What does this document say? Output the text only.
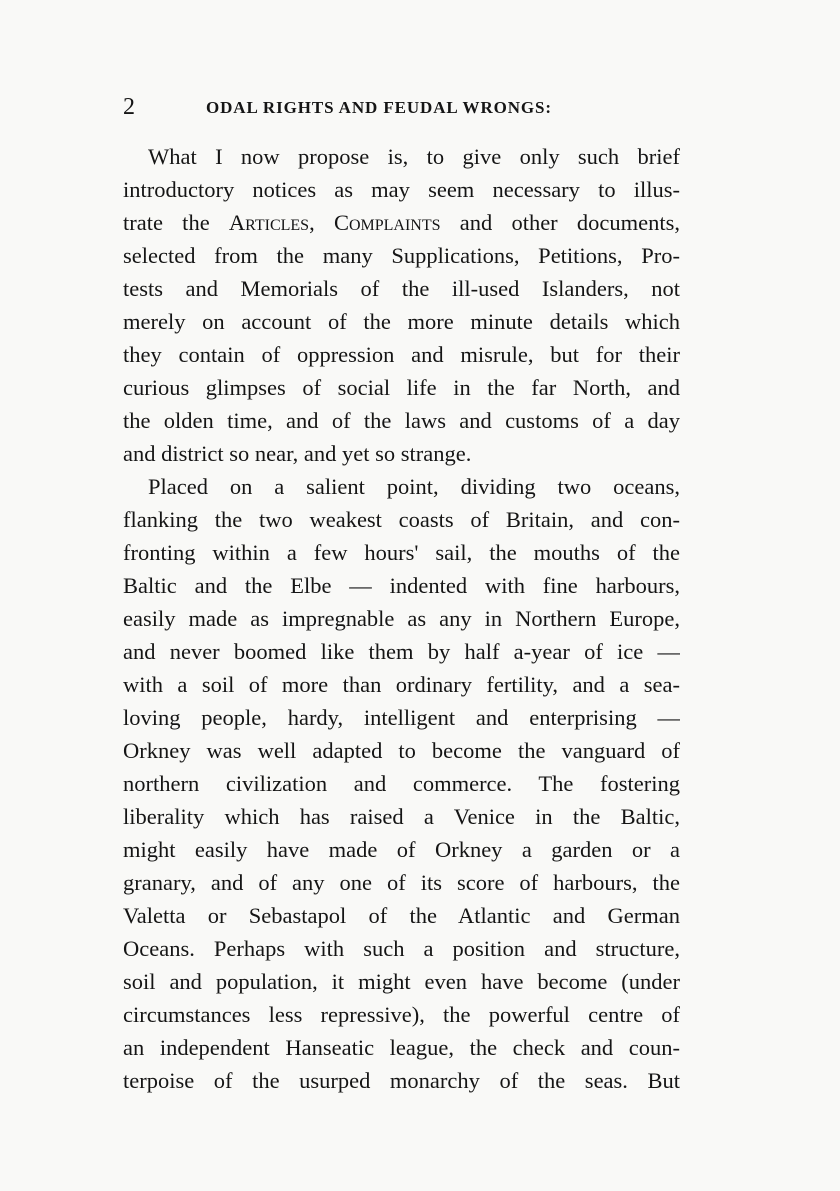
2	ODAL RIGHTS AND FEUDAL WRONGS:
What I now propose is, to give only such brief
introductory notices as may seem necessary to illus-
trate the Articles, Complaints and other documents,
selected from the many Supplications, Petitions, Pro-
tests and Memorials of the ill-used Islanders, not
merely on account of the more minute details which
they contain of oppression and misrule, but for their
curious glimpses of social life in the far North, and
the olden time, and of the laws and customs of a day
and district so near, and yet so strange.
Placed on a salient point, dividing two oceans,
flanking the two weakest coasts of Britain, and con-
fronting within a few hours' sail, the mouths of the
Baltic and the Elbe — indented with fine harbours,
easily made as impregnable as any in Northern Europe,
and never boomed like them by half a-year of ice —
with a soil of more than ordinary fertility, and a sea-
loving people, hardy, intelligent and enterprising —
Orkney was well adapted to become the vanguard of
northern civilization and commerce. The fostering
liberality which has raised a Venice in the Baltic,
might easily have made of Orkney a garden or a
granary, and of any one of its score of harbours, the
Valetta or Sebastapol of the Atlantic and German
Oceans. Perhaps with such a position and structure,
soil and population, it might even have become (under
circumstances less repressive), the powerful centre of
an independent Hanseatic league, the check and coun-
terpoise of the usurped monarchy of the seas. But
